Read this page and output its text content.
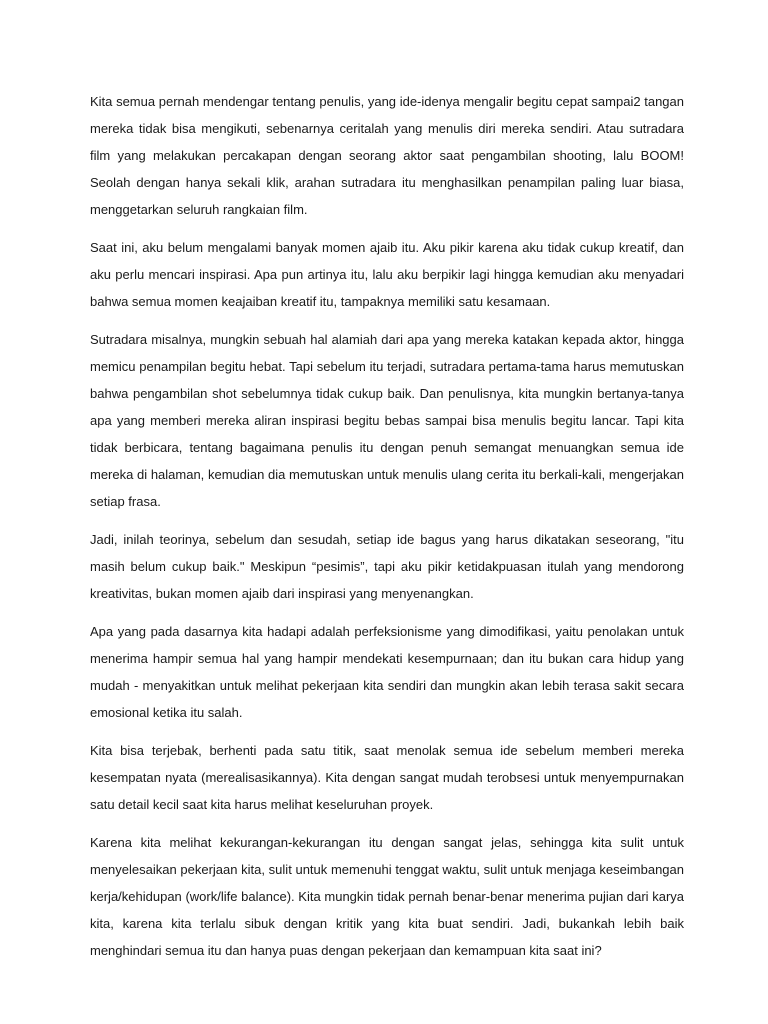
Kita semua pernah mendengar tentang penulis, yang ide-idenya mengalir begitu cepat sampai2 tangan mereka tidak bisa mengikuti, sebenarnya ceritalah yang menulis diri mereka sendiri. Atau sutradara film yang melakukan percakapan dengan seorang aktor saat pengambilan shooting, lalu BOOM! Seolah dengan hanya sekali klik, arahan sutradara itu menghasilkan penampilan paling luar biasa, menggetarkan seluruh rangkaian film.

Saat ini, aku belum mengalami banyak momen ajaib itu. Aku pikir karena aku tidak cukup kreatif, dan aku perlu mencari inspirasi. Apa pun artinya itu, lalu aku berpikir lagi hingga kemudian aku menyadari bahwa semua momen keajaiban kreatif itu, tampaknya memiliki satu kesamaan.

Sutradara misalnya, mungkin sebuah hal alamiah dari apa yang mereka katakan kepada aktor, hingga memicu penampilan begitu hebat. Tapi sebelum itu terjadi, sutradara pertama-tama harus memutuskan bahwa pengambilan shot sebelumnya tidak cukup baik. Dan penulisnya, kita mungkin bertanya-tanya apa yang memberi mereka aliran inspirasi begitu bebas sampai bisa menulis begitu lancar. Tapi kita tidak berbicara, tentang bagaimana penulis itu dengan penuh semangat menuangkan semua ide mereka di halaman, kemudian dia memutuskan untuk menulis ulang cerita itu berkali-kali, mengerjakan setiap frasa.

Jadi, inilah teorinya, sebelum dan sesudah, setiap ide bagus yang harus dikatakan seseorang, "itu masih belum cukup baik." Meskipun “pesimis”, tapi aku pikir ketidakpuasan itulah yang mendorong kreativitas, bukan momen ajaib dari inspirasi yang menyenangkan.

Apa yang pada dasarnya kita hadapi adalah perfeksionisme yang dimodifikasi, yaitu penolakan untuk menerima hampir semua hal yang hampir mendekati kesempurnaan; dan itu bukan cara hidup yang mudah - menyakitkan untuk melihat pekerjaan kita sendiri dan mungkin akan lebih terasa sakit secara emosional ketika itu salah.

Kita bisa terjebak, berhenti pada satu titik, saat menolak semua ide sebelum memberi mereka kesempatan nyata (merealisasikannya). Kita dengan sangat mudah terobsesi untuk menyempurnakan satu detail kecil saat kita harus melihat keseluruhan proyek.

Karena kita melihat kekurangan-kekurangan itu dengan sangat jelas, sehingga kita sulit untuk menyelesaikan pekerjaan kita, sulit untuk memenuhi tenggat waktu, sulit untuk menjaga keseimbangan kerja/kehidupan (work/life balance). Kita mungkin tidak pernah benar-benar menerima pujian dari karya kita, karena kita terlalu sibuk dengan kritik yang kita buat sendiri. Jadi, bukankah lebih baik menghindari semua itu dan hanya puas dengan pekerjaan dan kemampuan kita saat ini?
